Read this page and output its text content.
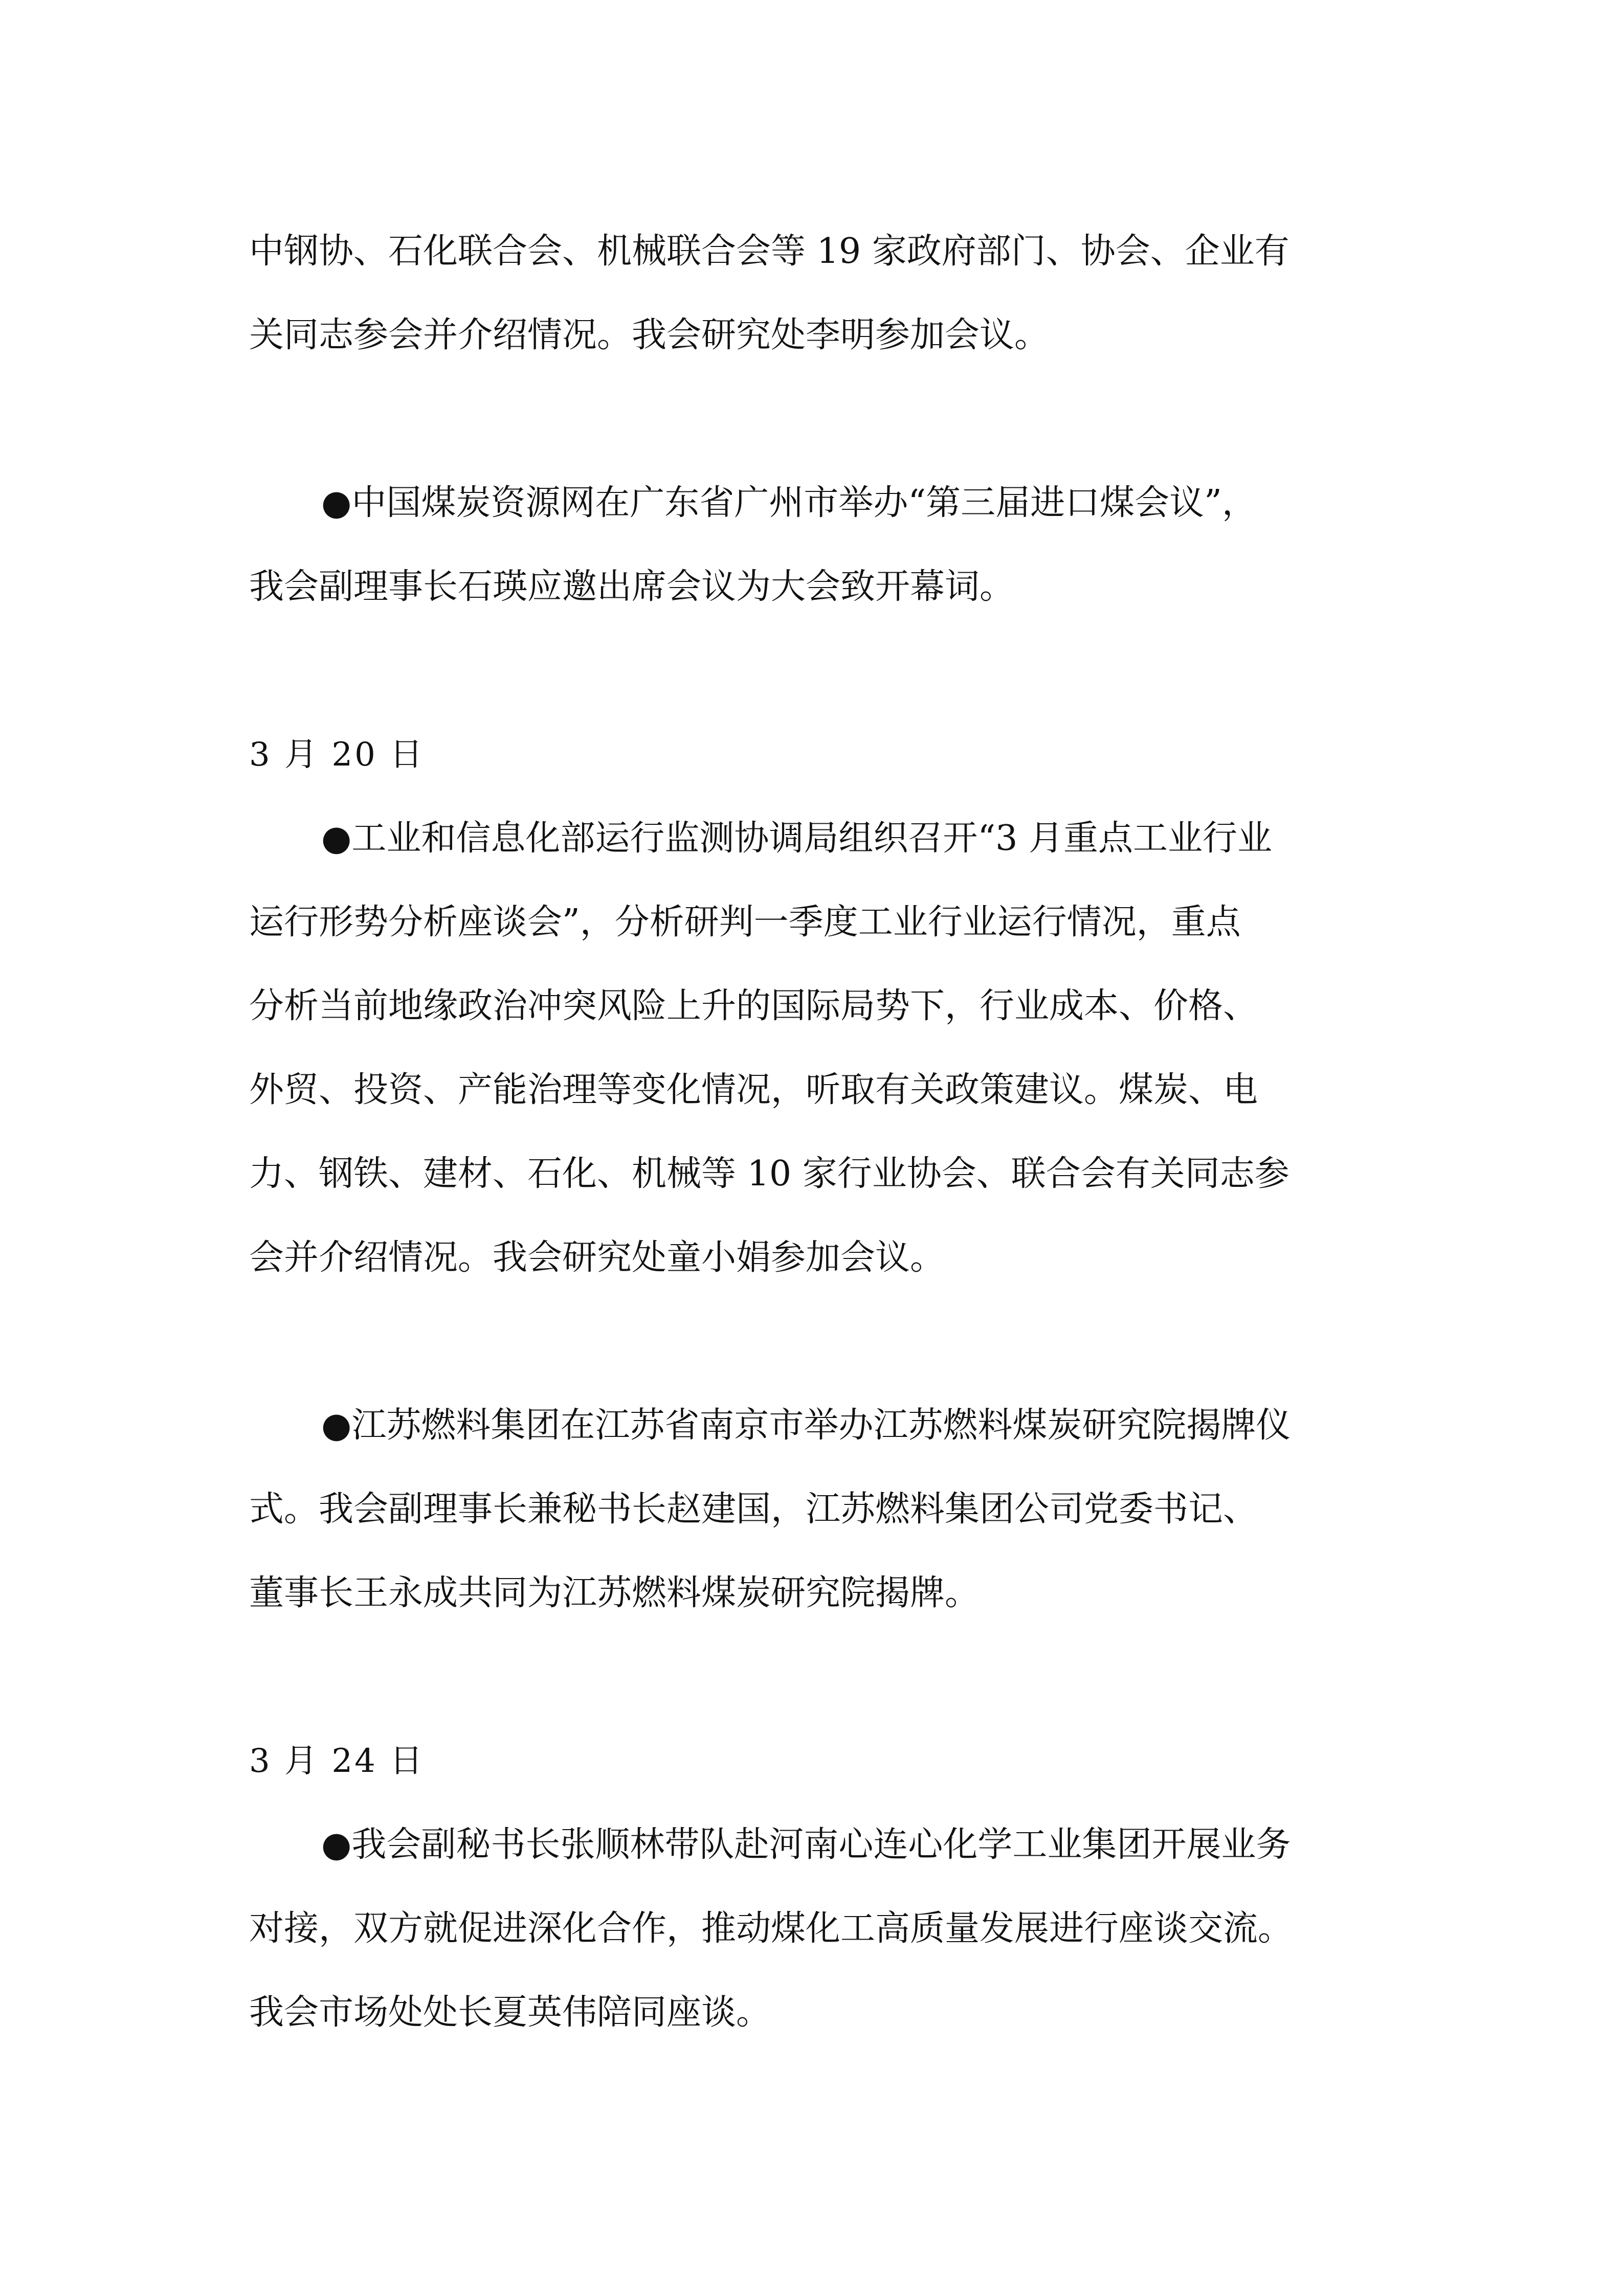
中钢协、石化联合会、机械联合会等 19 家政府部门、协会、企业有
关同志参会并介绍情况。我会研究处李明参加会议。
●中国煤炭资源网在广东省广州市举办“第三届进口煤会议”，
我会副理事长石瑛应邀出席会议为大会致开幕词。
3 月 20 日
●工业和信息化部运行监测协调局组织召开“3 月重点工业行业
运行形势分析座谈会”，分析研判一季度工业行业运行情况，重点
分析当前地缘政治冲突风险上升的国际局势下，行业成本、价格、
外贸、投资、产能治理等变化情况，听取有关政策建议。煤炭、电
力、钢铁、建材、石化、机械等 10 家行业协会、联合会有关同志参
会并介绍情况。我会研究处童小娟参加会议。
●江苏燃料集团在江苏省南京市举办江苏燃料煤炭研究院揭牌仪
式。我会副理事长兼秘书长赵建国，江苏燃料集团公司党委书记、
董事长王永成共同为江苏燃料煤炭研究院揭牌。
3 月 24 日
●我会副秘书长张顺林带队赴河南心连心化学工业集团开展业务
对接，双方就促进深化合作，推动煤化工高质量发展进行座谈交流。
我会市场处处长夏英伟陪同座谈。
